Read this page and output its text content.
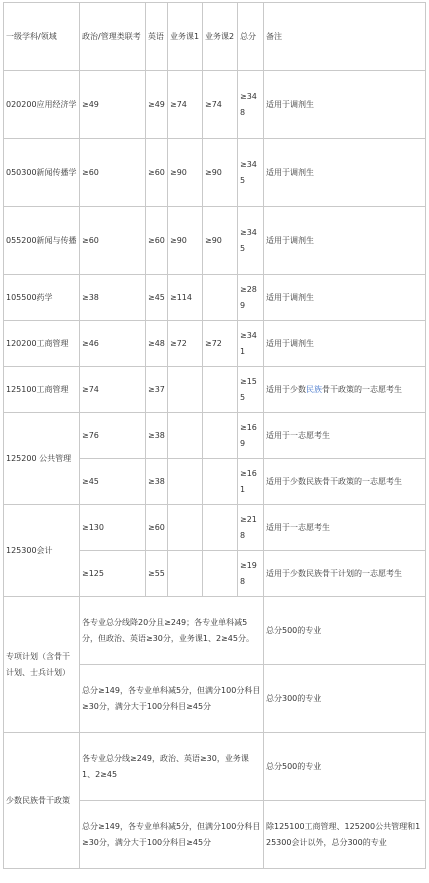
一级学科/领域	政治/管理类联考	英语	业务课1	业务课2	总分	备注
020200应用经济学	≥49	≥49	≥74	≥74	≥348	适用于调剂生
050300新闻传播学	≥60	≥60	≥90	≥90	≥345	适用于调剂生
055200新闻与传播	≥60	≥60	≥90	≥90	≥345	适用于调剂生
105500药学	≥38	≥45	≥114		≥289	适用于调剂生
120200工商管理	≥46	≥48	≥72	≥72	≥341	适用于调剂生
125100工商管理	≥74	≥37			≥155	适用于少数民族骨干政策的一志愿考生
125200 公共管理	≥76	≥38			≥169	适用于一志愿考生
	≥45	≥38			≥161	适用于少数民族骨干政策的一志愿考生
125300会计	≥130	≥60			≥218	适用于一志愿考生
	≥125	≥55			≥198	适用于少数民族骨干计划的一志愿考生
专项计划（含骨干计划、士兵计划）	各专业总分线降20分且≥249；各专业单科减5分，但政治、英语≥30分，业务课1、2≥45分。					总分500的专业
	总分≥149，各专业单科减5分，但满分100分科目≥30分，满分大于100分科目≥45分					总分300的专业
少数民族骨干政策	各专业总分线≥249，政治、英语≥30，业务课1、2≥45					总分500的专业
	总分≥149，各专业单科减5分，但满分100分科目≥30分，满分大于100分科目≥45分					除125100工商管理、125200公共管理和125300会计以外，总分300的专业
